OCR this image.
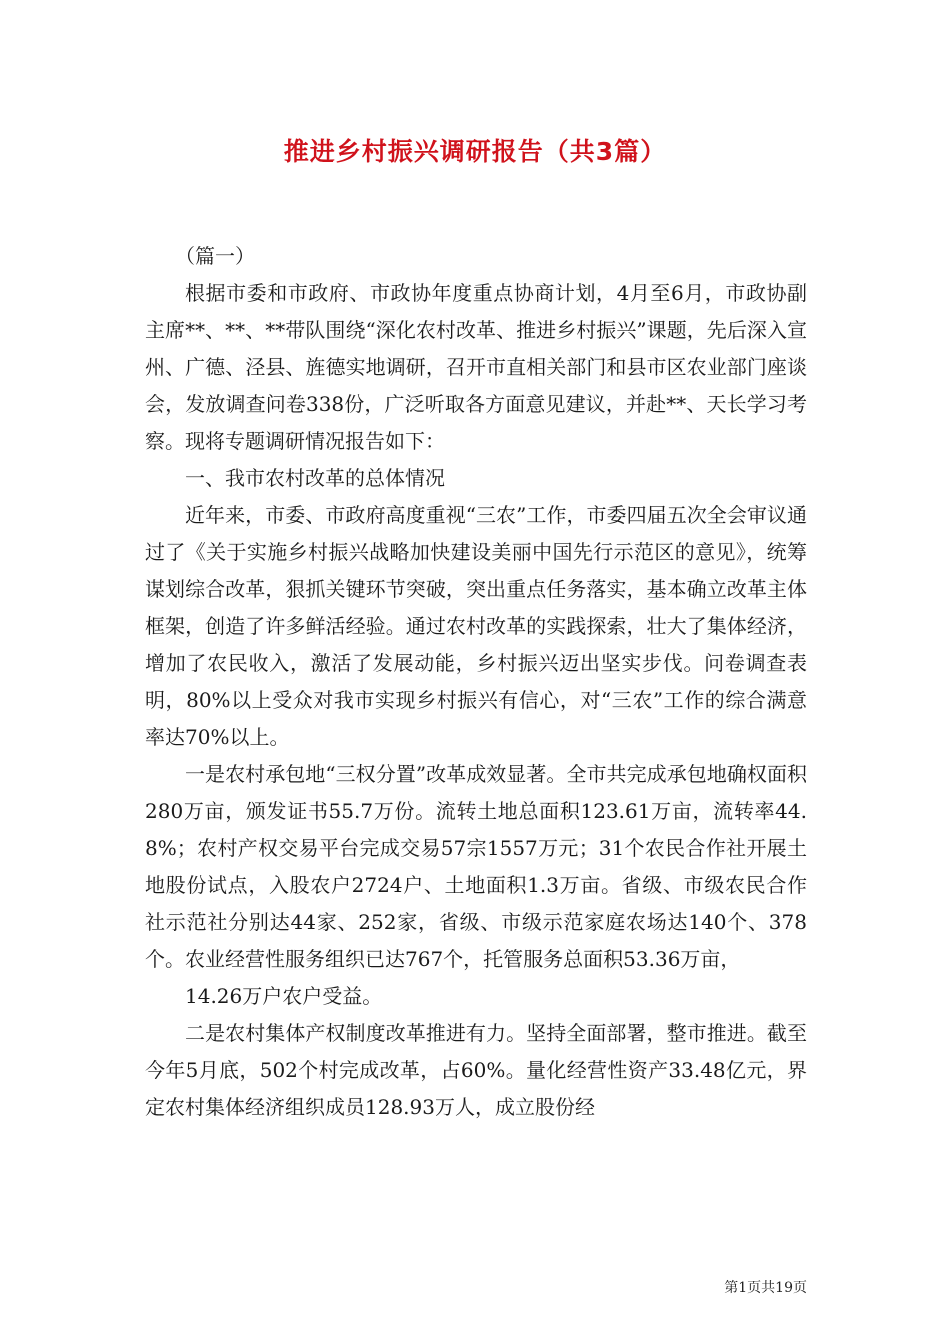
推进乡村振兴调研报告（共3篇）

（篇一）

根据市委和市政府、市政协年度重点协商计划，4月至6月，市政协副主席**、**、**带队围绕“深化农村改革、推进乡村振兴”课题，先后深入宣州、广德、泾县、旌德实地调研，召开市直相关部门和县市区农业部门座谈会，发放调查问卷338份，广泛听取各方面意见建议，并赴**、天长学习考察。现将专题调研情况报告如下：

一、我市农村改革的总体情况

近年来，市委、市政府高度重视“三农”工作，市委四届五次全会审议通过了《关于实施乡村振兴战略加快建设美丽中国先行示范区的意见》，统筹谋划综合改革，狠抓关键环节突破，突出重点任务落实，基本确立改革主体框架，创造了许多鲜活经验。通过农村改革的实践探索，壮大了集体经济，增加了农民收入，激活了发展动能，乡村振兴迈出坚实步伐。问卷调查表明，80%以上受众对我市实现乡村振兴有信心，对“三农”工作的综合满意率达70%以上。

一是农村承包地“三权分置”改革成效显著。全市共完成承包地确权面积280万亩，颁发证书55.7万份。流转土地总面积123.61万亩，流转率44.8%；农村产权交易平台完成交易57宗1557万元；31个农民合作社开展土地股份试点，入股农户2724户、土地面积1.3万亩。省级、市级农民合作社示范社分别达44家、252家，省级、市级示范家庭农场达140个、378个。农业经营性服务组织已达767个，托管服务总面积53.36万亩，

14.26万户农户受益。

二是农村集体产权制度改革推进有力。坚持全面部署，整市推进。截至今年5月底，502个村完成改革，占60%。量化经营性资产33.48亿元，界定农村集体经济组织成员128.93万人，成立股份经

第1页共19页
